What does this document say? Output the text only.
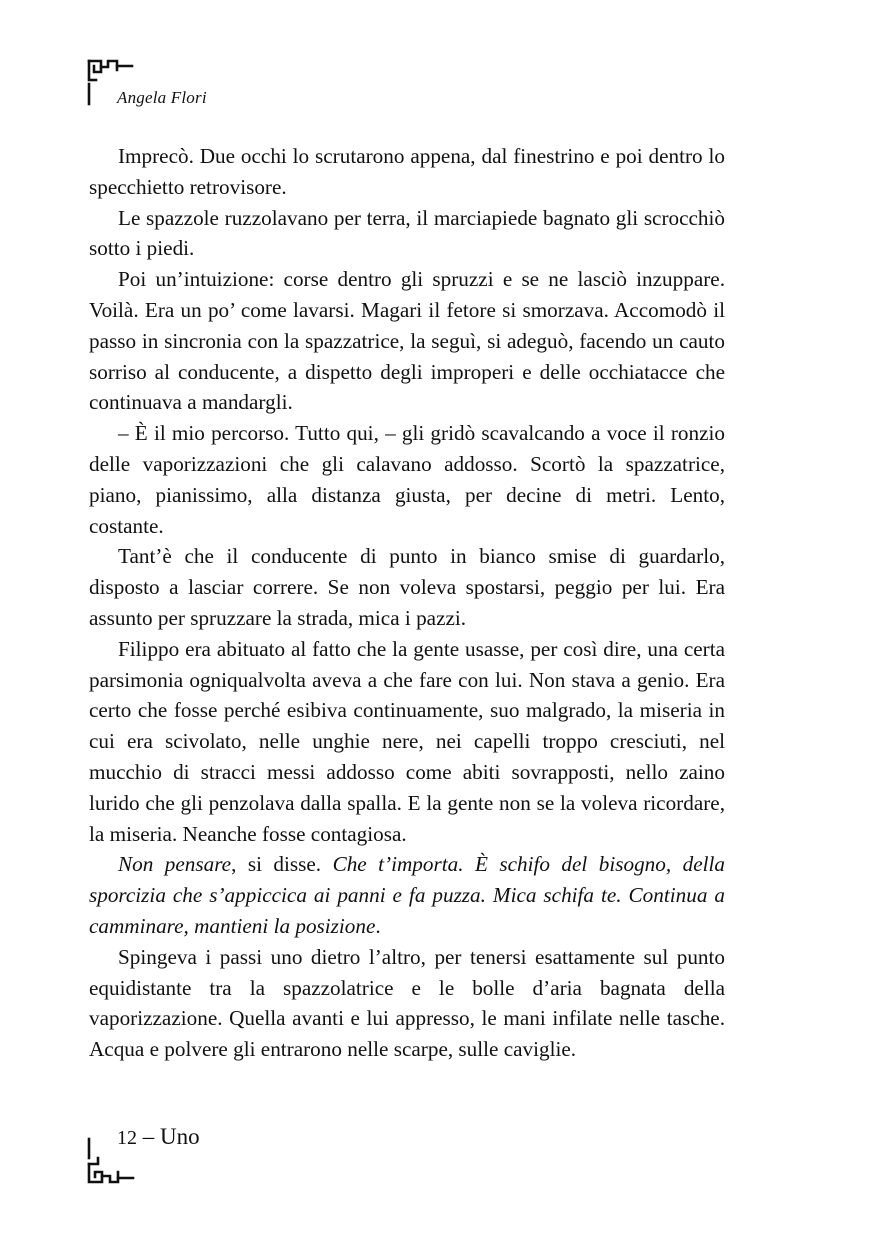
Angela Flori

Imprecò. Due occhi lo scrutarono appena, dal finestrino e poi dentro lo specchietto retrovisore.

Le spazzole ruzzolavano per terra, il marciapiede bagnato gli scrocchiò sotto i piedi.

Poi un’intuizione: corse dentro gli spruzzi e se ne lasciò inzuppare. Voilà. Era un po’ come lavarsi. Magari il fetore si smorzava. Accomodò il passo in sincronia con la spazzatrice, la seguì, si adeguò, facendo un cauto sorriso al conducente, a dispetto degli improperi e delle occhiatacce che continuava a mandargli.

– È il mio percorso. Tutto qui, – gli gridò scavalcando a voce il ronzio delle vaporizzazioni che gli calavano addosso. Scortò la spazzatrice, piano, pianissimo, alla distanza giusta, per decine di metri. Lento, costante.

Tant’è che il conducente di punto in bianco smise di guardarlo, disposto a lasciar correre. Se non voleva spostarsi, peggio per lui. Era assunto per spruzzare la strada, mica i pazzi.

Filippo era abituato al fatto che la gente usasse, per così dire, una certa parsimonia ogniqualvolta aveva a che fare con lui. Non stava a genio. Era certo che fosse perché esibiva continuamente, suo malgrado, la miseria in cui era scivolato, nelle unghie nere, nei capelli troppo cresciuti, nel mucchio di stracci messi addosso come abiti sovrapposti, nello zaino lurido che gli penzolava dalla spalla. E la gente non se la voleva ricordare, la miseria. Neanche fosse contagiosa.

Non pensare, si disse. Che t’importa. È schifo del bisogno, della sporcizia che s’appiccica ai panni e fa puzza. Mica schifa te. Continua a camminare, mantieni la posizione.

Spingeva i passi uno dietro l’altro, per tenersi esattamente sul punto equidistante tra la spazzolatrice e le bolle d’aria bagnata della vaporizzazione. Quella avanti e lui appresso, le mani infilate nelle tasche. Acqua e polvere gli entrarono nelle scarpe, sulle caviglie.

12 – Uno
